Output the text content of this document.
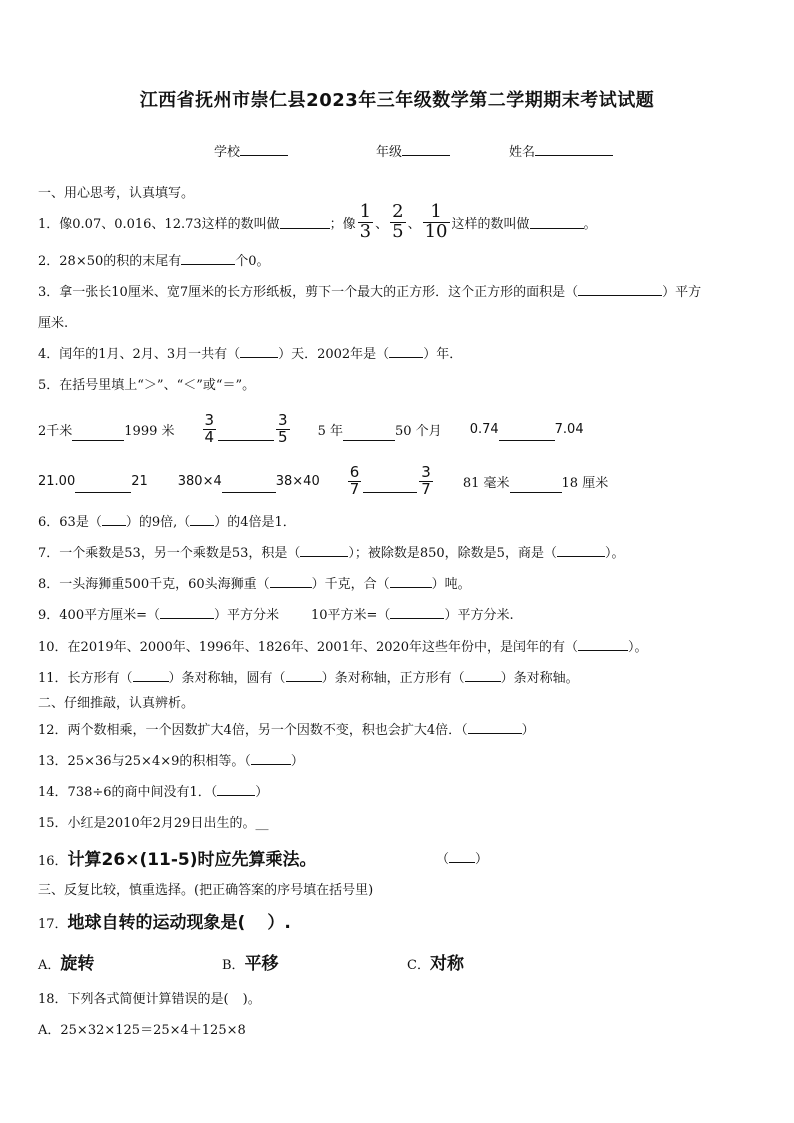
江西省抚州市崇仁县2023年三年级数学第二学期期末考试试题
学校	年级	姓名
一、用心思考，认真填写。
1．像0.07、0.016、12.73这样的数叫做	；像 $\frac{1}{3}$ 、 $\frac{2}{5}$ 、 $\frac{1}{10}$ 这样的数叫做	。
2．28×50的积的末尾有	个0。
3．拿一张长10厘米、宽7厘米的长方形纸板，剪下一个最大的正方形．这个正方形的面积是（	）平方
厘米.
4．闰年的1月、2月、3月一共有（	）天．2002年是（	）年．
5．在括号里填上“＞”、“＜”或“＝”。
2千米	1999 米 $\frac{3}{4}$	$\frac{3}{5} 5$ 年	50 个月 0.74	7.04
21.00	21 380×4	$38\times 40 \frac{6}{7}$	$\frac{3}{7} 81$ 毫米	18 厘米
6．63是（ ）的9倍,（ ）的4倍是1．
7．一个乘数是53，另一个乘数是53，积是（	）；被除数是850，除数是5，商是（	）。
8．一头海狮重500千克，60头海狮重（	）千克，合（	）吨。
9．400平方厘米=（	）平方分米 10平方米=（	）平方分米.
10．在2019年、2000年、1996年、1826年、2001年、2020年这些年份中，是闰年的有（	）。
11．长方形有（	）条对称轴，圆有（	）条对称轴，正方形有（	）条对称轴。
二、仔细推敲，认真辨析。
12．两个数相乘，一个因数扩大4倍，另一个因数不变，积也会扩大4倍．（	）
13．25×36与25×4×9的积相等。（	）
14．738÷6的商中间没有1．（	）
15．小红是2010年2月29日出生的。__
16．计算26×(11-5)时应先算乘法。	（ ）
三、反复比较，慎重选择。(把正确答案的序号填在括号里)
17．地球自转的运动现象是( ）.
A．旋转	B．平移	C．对称
18．下列各式简便计算错误的是( )。
A．25×32×125＝25×4＋125×8
